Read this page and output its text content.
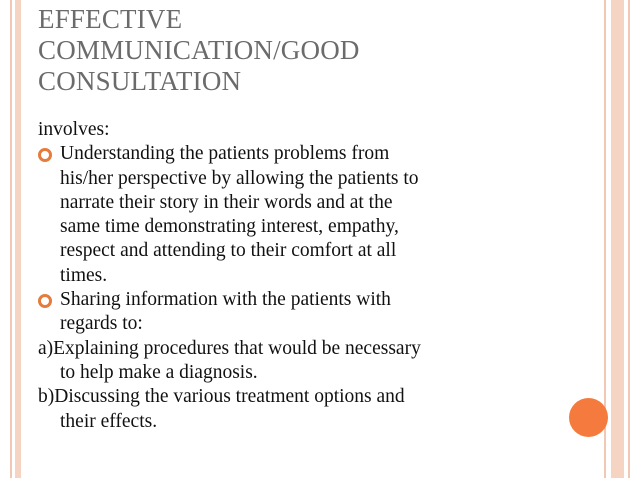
EFFECTIVE
COMMUNICATION/GOOD
CONSULTATION
involves:
Understanding the patients problems from
his/her perspective by allowing the patients to
narrate their story in their words and at the
same time demonstrating interest, empathy,
respect and attending to their comfort at all
times.
Sharing information with the patients with
regards to:
a)Explaining procedures that would be necessary
to help make a diagnosis.
b)Discussing the various treatment options and
their effects.
